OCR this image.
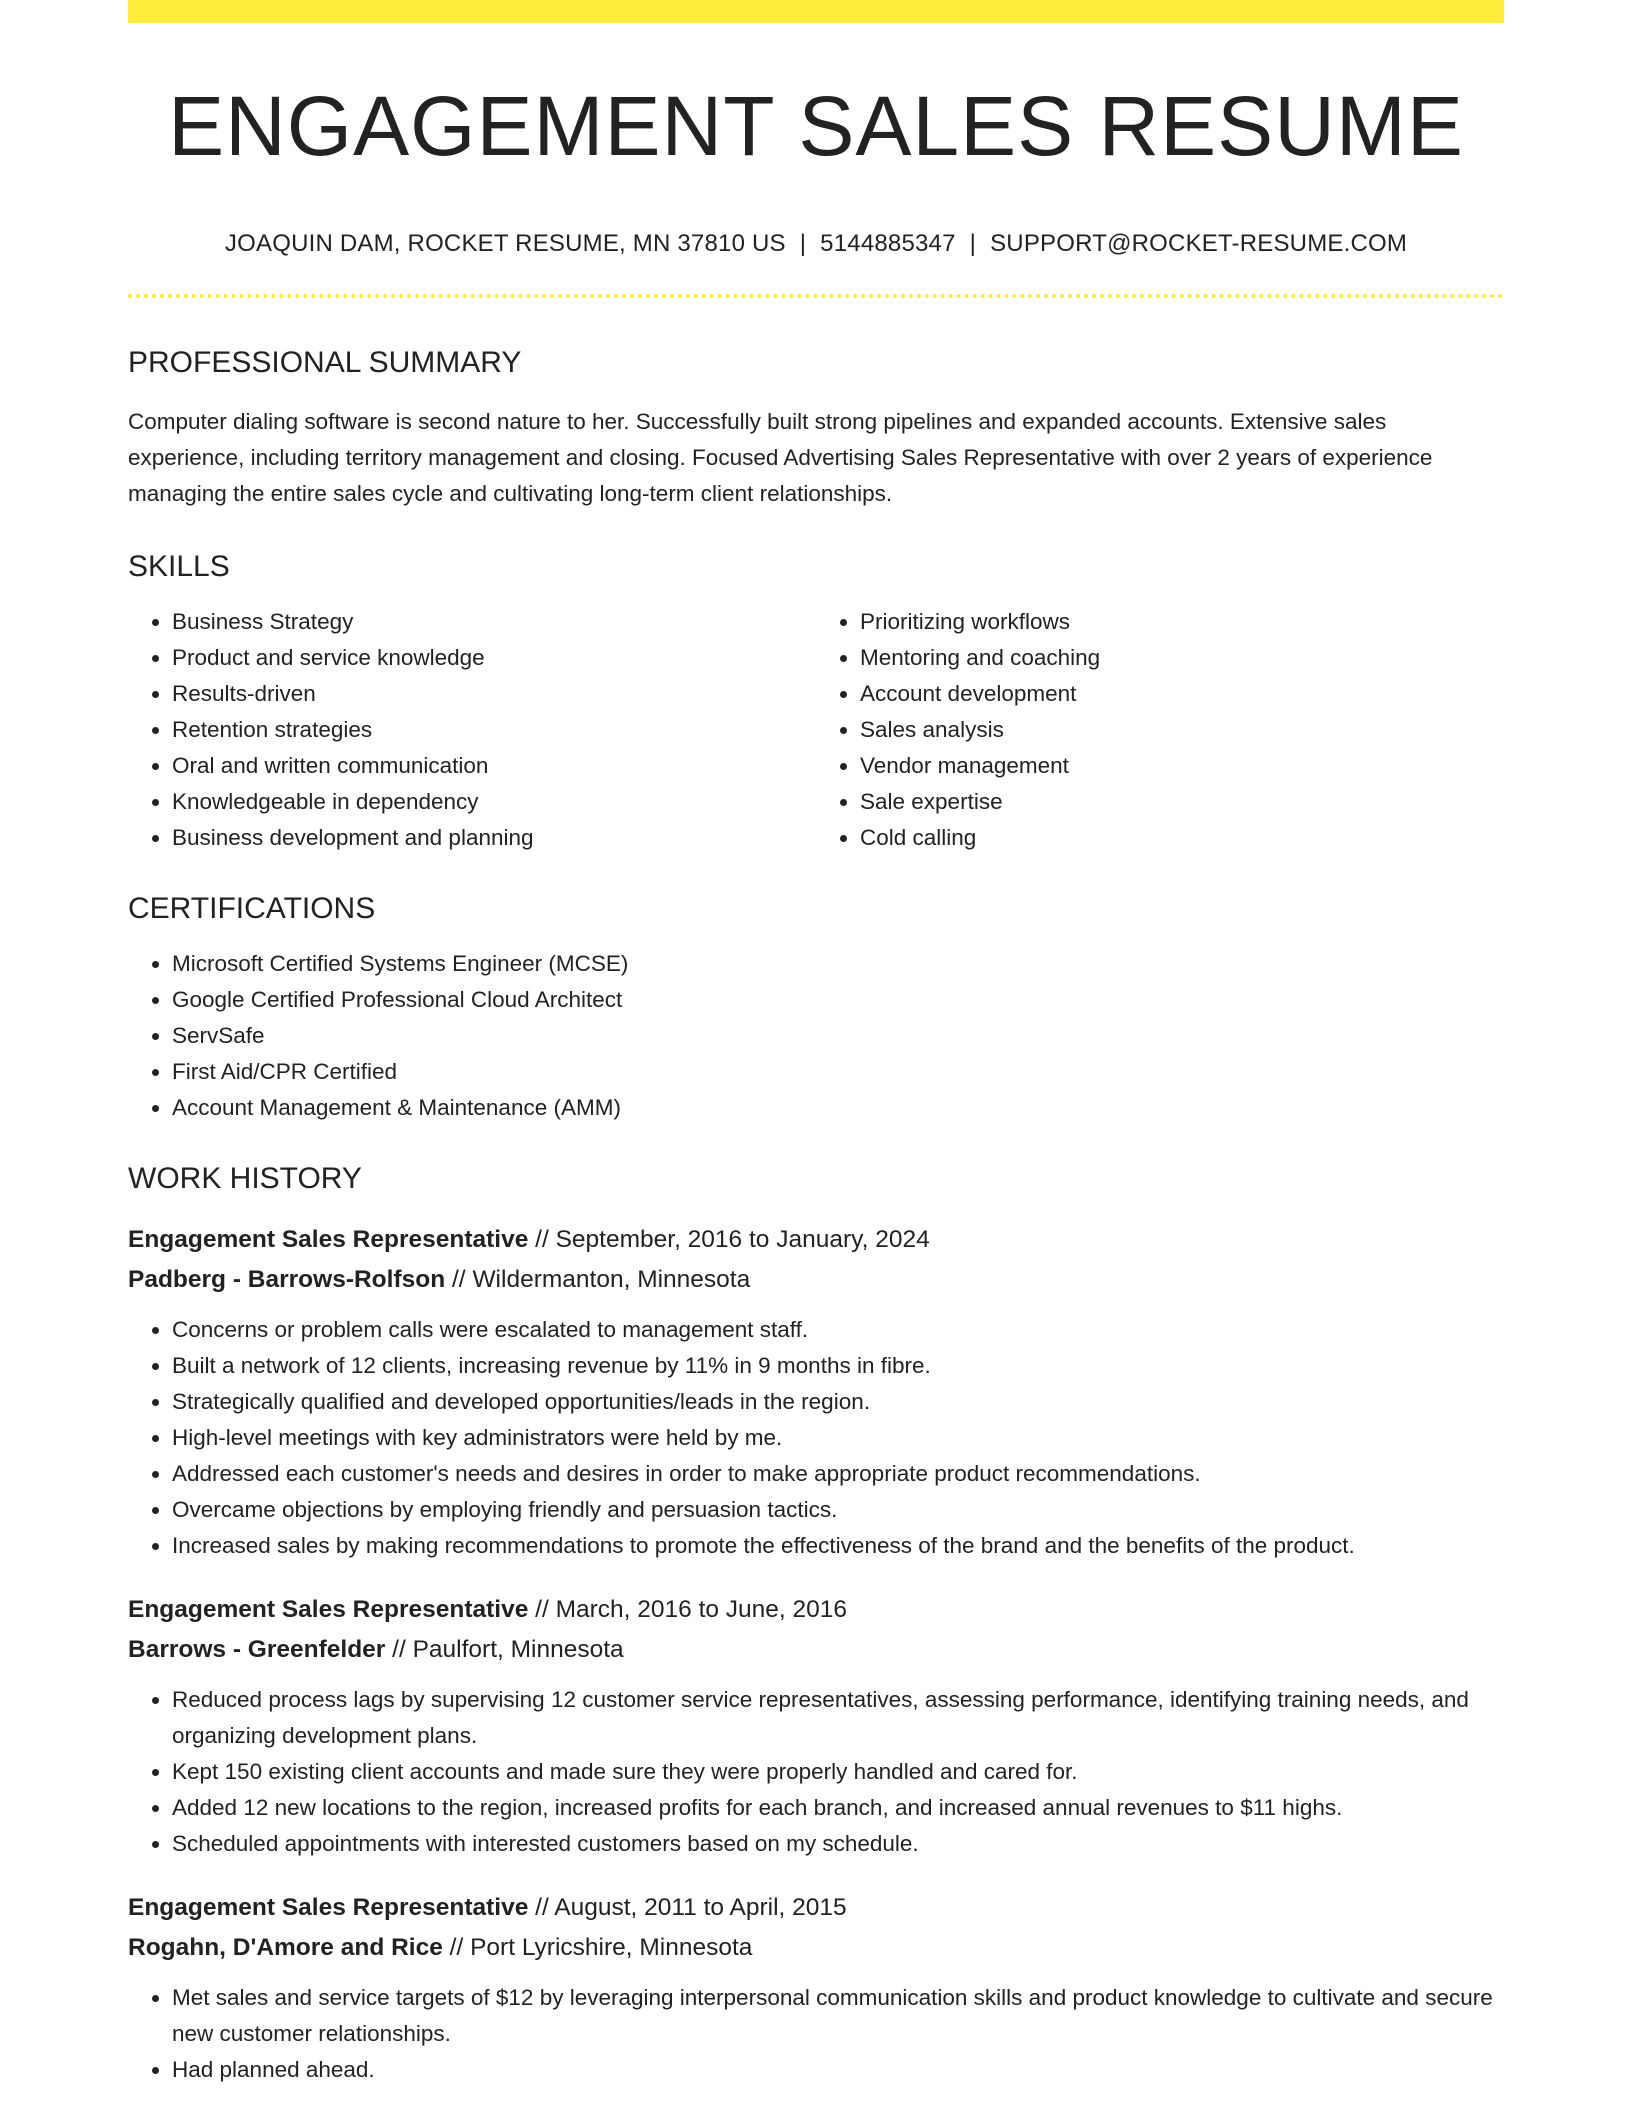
ENGAGEMENT SALES RESUME
JOAQUIN DAM, ROCKET RESUME, MN 37810 US | 5144885347 | SUPPORT@ROCKET-RESUME.COM
PROFESSIONAL SUMMARY
Computer dialing software is second nature to her. Successfully built strong pipelines and expanded accounts. Extensive sales experience, including territory management and closing. Focused Advertising Sales Representative with over 2 years of experience managing the entire sales cycle and cultivating long-term client relationships.
SKILLS
• Business Strategy
• Product and service knowledge
• Results-driven
• Retention strategies
• Oral and written communication
• Knowledgeable in dependency
• Business development and planning
• Prioritizing workflows
• Mentoring and coaching
• Account development
• Sales analysis
• Vendor management
• Sale expertise
• Cold calling
CERTIFICATIONS
• Microsoft Certified Systems Engineer (MCSE)
• Google Certified Professional Cloud Architect
• ServSafe
• First Aid/CPR Certified
• Account Management & Maintenance (AMM)
WORK HISTORY
Engagement Sales Representative // September, 2016 to January, 2024
Padberg - Barrows-Rolfson // Wildermanton, Minnesota
• Concerns or problem calls were escalated to management staff.
• Built a network of 12 clients, increasing revenue by 11% in 9 months in fibre.
• Strategically qualified and developed opportunities/leads in the region.
• High-level meetings with key administrators were held by me.
• Addressed each customer's needs and desires in order to make appropriate product recommendations.
• Overcame objections by employing friendly and persuasion tactics.
• Increased sales by making recommendations to promote the effectiveness of the brand and the benefits of the product.
Engagement Sales Representative // March, 2016 to June, 2016
Barrows - Greenfelder // Paulfort, Minnesota
• Reduced process lags by supervising 12 customer service representatives, assessing performance, identifying training needs, and organizing development plans.
• Kept 150 existing client accounts and made sure they were properly handled and cared for.
• Added 12 new locations to the region, increased profits for each branch, and increased annual revenues to $11 highs.
• Scheduled appointments with interested customers based on my schedule.
Engagement Sales Representative // August, 2011 to April, 2015
Rogahn, D'Amore and Rice // Port Lyricshire, Minnesota
• Met sales and service targets of $12 by leveraging interpersonal communication skills and product knowledge to cultivate and secure new customer relationships.
• Had planned ahead.
